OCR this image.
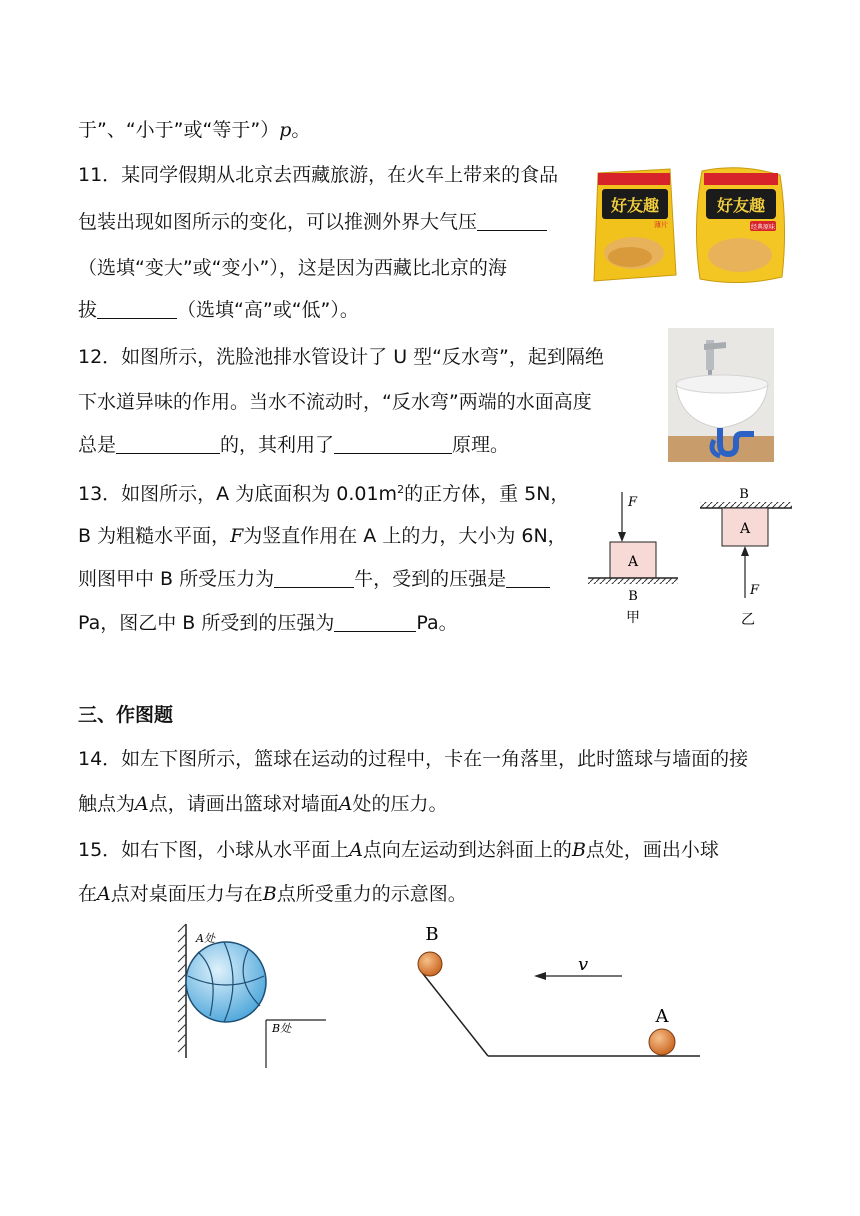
于”、“小于”或“等于”）p。
11．某同学假期从北京去西藏旅游，在火车上带来的食品
包装出现如图所示的变化，可以推测外界大气压
（选填“变大”或“变小”），这是因为西藏比北京的海
拔	（选填“高”或“低”）。
好友趣
薄片
好友趣
经典原味
12．如图所示，洗脸池排水管设计了 U 型“反水弯”，起到隔绝
下水道异味的作用。当水不流动时，“反水弯”两端的水面高度
总是	的，其利用了	原理。
13．如图所示，A 为底面积为 $0.01m^2$的正方体，重 5N，
B 为粗糙水平面，F为竖直作用在 A 上的力，大小为 6N，
则图甲中 B 所受压力为	牛，受到的压强是
Pa，图乙中 B 所受到的压强为	Pa。
F
A
B
甲
B
A
F
乙
三、作图题
14．如左下图所示，篮球在运动的过程中，卡在一角落里，此时篮球与墙面的接
触点为A点，请画出篮球对墙面A处的压力。
15．如右下图，小球从水平面上A点向左运动到达斜面上的B点处，画出小球
在A点对桌面压力与在B点所受重力的示意图。
A处
B处
B
v
A
